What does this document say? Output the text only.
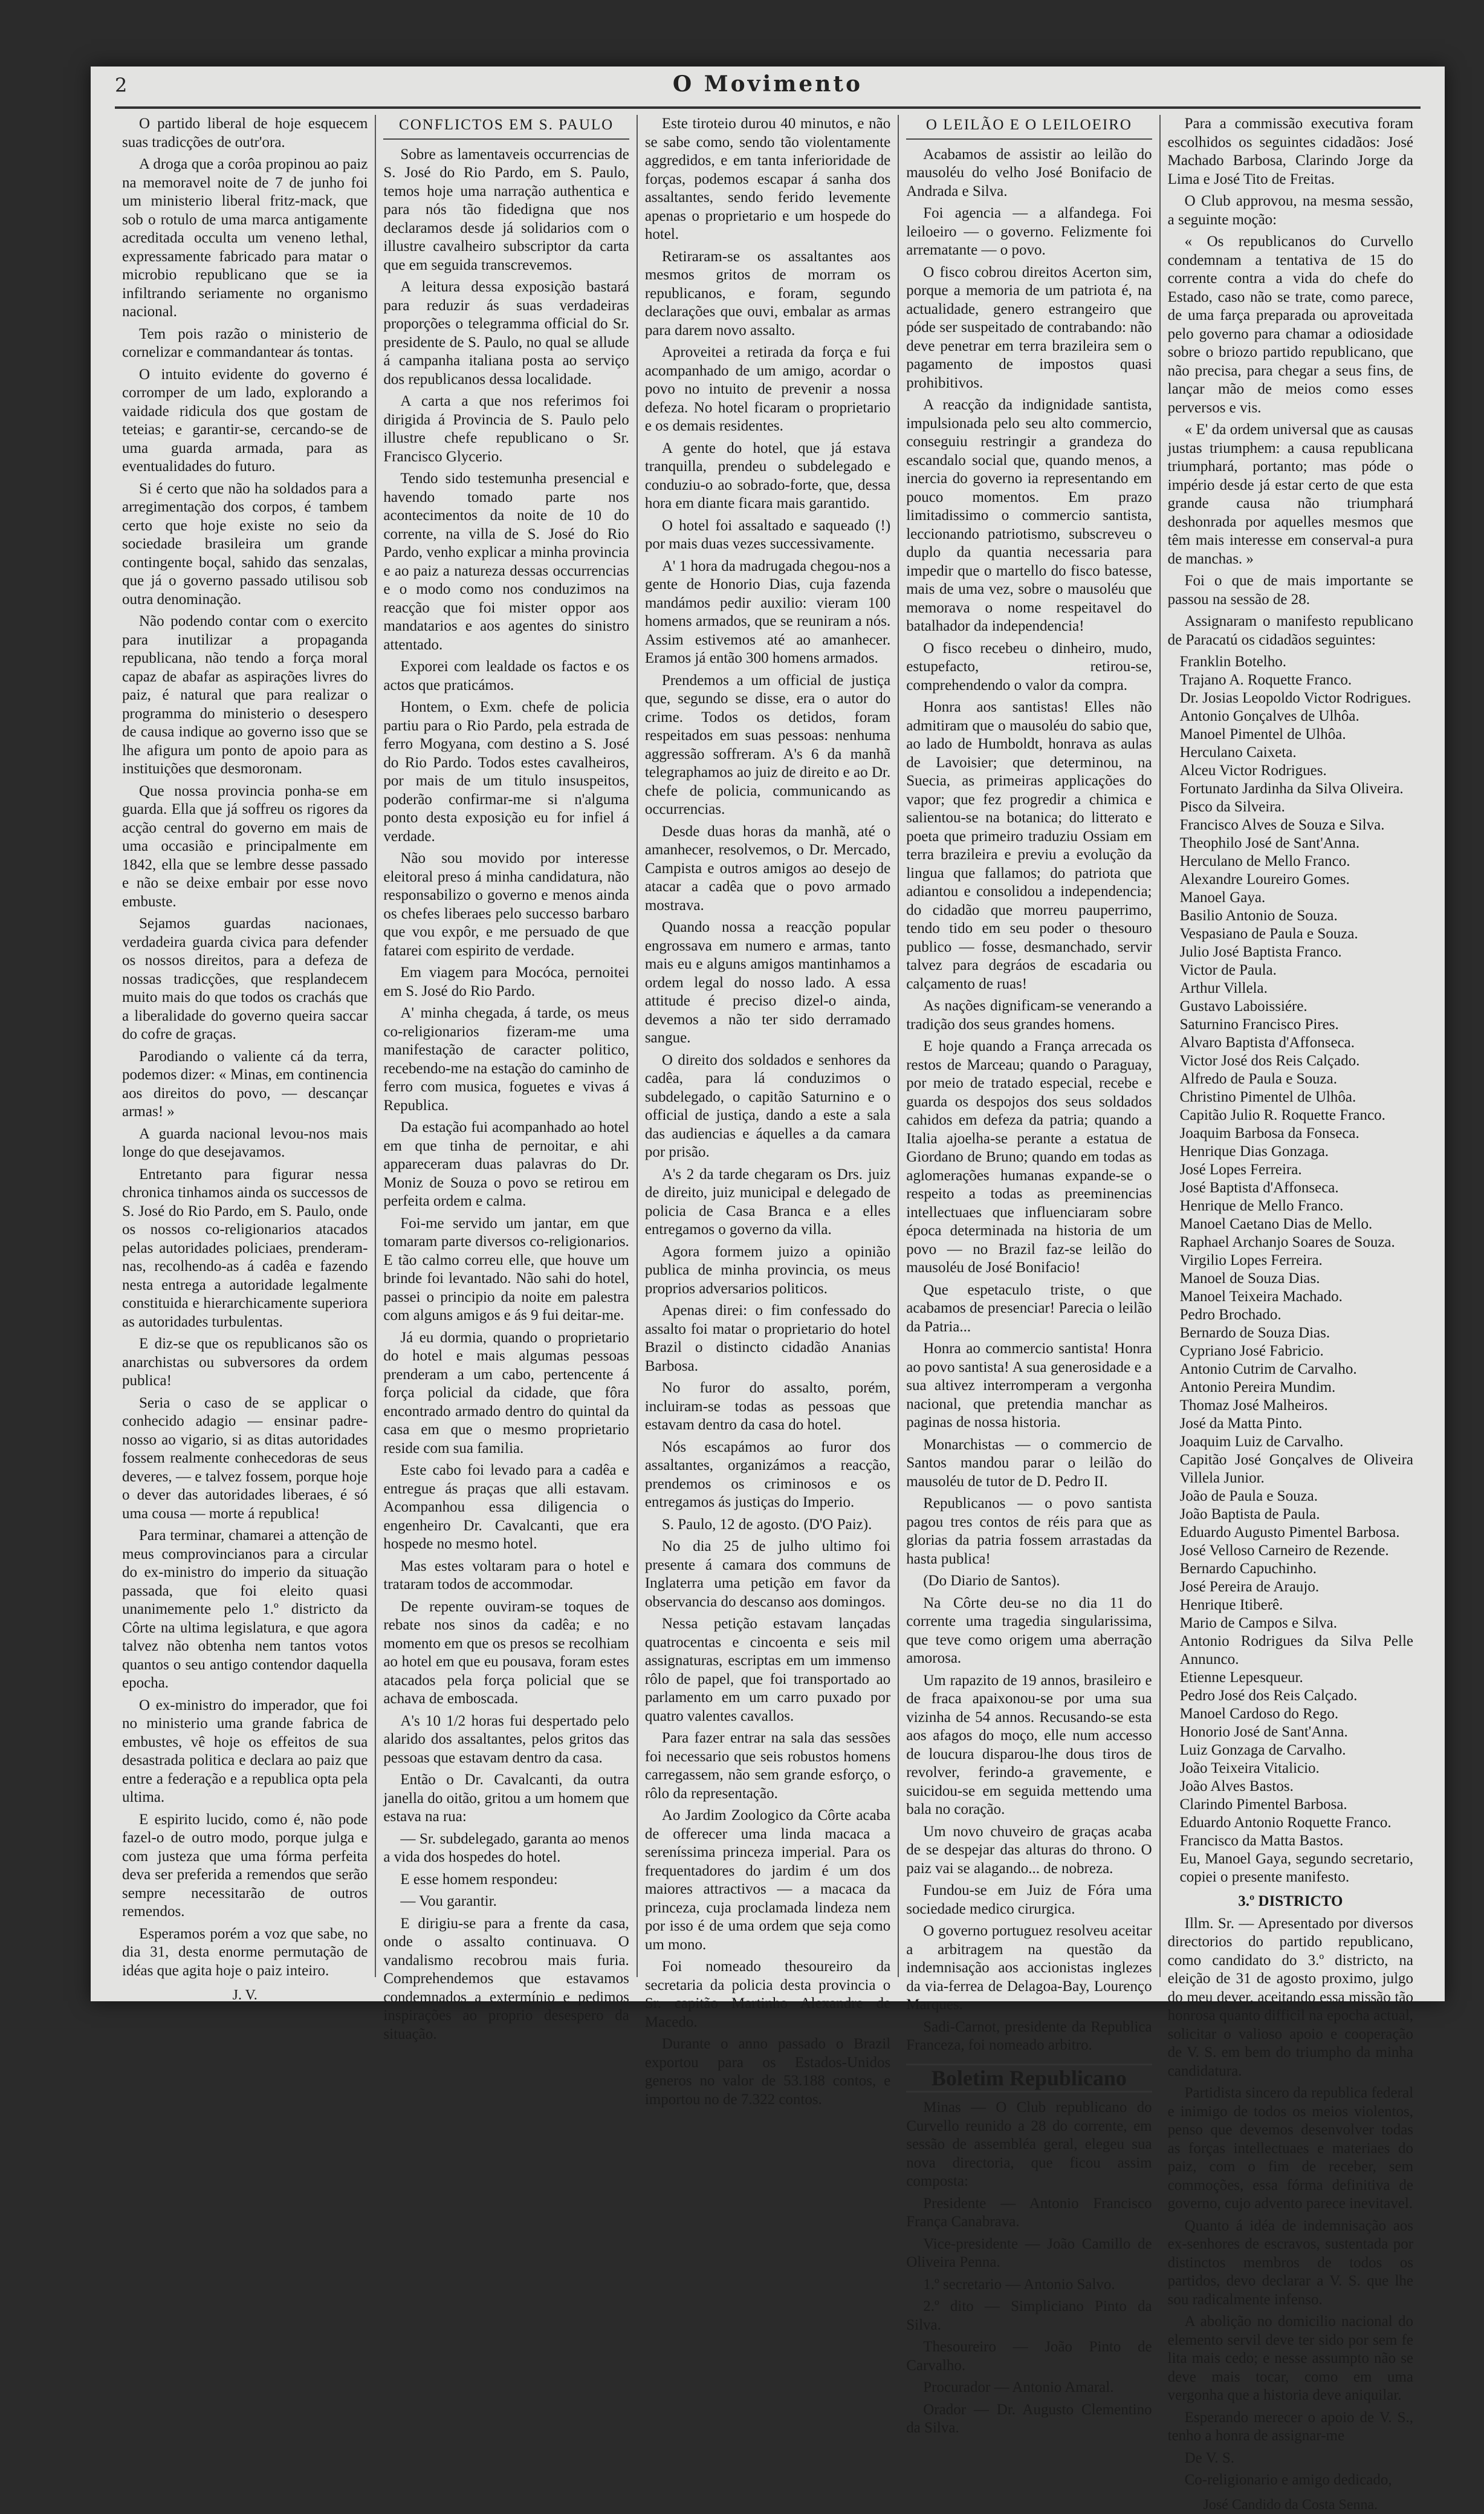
2	O Movimento

O partido liberal de hoje esquecem suas tradicções de outr'ora.

A droga que a corôa propinou ao paiz na memoravel noite de 7 de junho foi um ministerio liberal fritz-mack, que sob o rotulo de uma marca antigamente acreditada occulta um veneno lethal, expressamente fabricado para matar o microbio republicano que se ia infiltrando seriamente no organismo nacional.

Tem pois razão o ministerio de cornelizar e commandantear ás tontas.

O intuito evidente do governo é corromper de um lado, explorando a vaidade ridicula dos que gostam de teteias; e garantir-se, cercando-se de uma guarda armada, para as eventualidades do futuro.

Si é certo que não ha soldados para a arregimentação dos corpos, é tambem certo que hoje existe no seio da sociedade brasileira um grande contingente boçal, sahido das senzalas, que já o governo passado utilisou sob outra denominação.

Não podendo contar com o exercito para inutilizar a propaganda republicana, não tendo a força moral capaz de abafar as aspirações livres do paiz, é natural que para realizar o programma do ministerio o desespero de causa indique ao governo isso que se lhe afigura um ponto de apoio para as instituições que desmoronam.

Que nossa provincia ponha-se em guarda. Ella que já soffreu os rigores da acção central do governo em mais de uma occasião e principalmente em 1842, ella que se lembre desse passado e não se deixe embair por esse novo embuste.

Sejamos guardas nacionaes, verdadeira guarda civica para defender os nossos direitos, para a defeza de nossas tradicções, que resplandecem muito mais do que todos os crachás que a liberalidade do governo queira saccar do cofre de graças.

Parodiando o valiente cá da terra, podemos dizer: « Minas, em continencia aos direitos do povo, — descançar armas! »

A guarda nacional levou-nos mais longe do que desejavamos.

Entretanto para figurar nessa chronica tinhamos ainda os successos de S. José do Rio Pardo, em S. Paulo, onde os nossos co-religionarios atacados pelas autoridades policiaes, prenderam-nas, recolhendo-as á cadêa e fazendo nesta entrega a autoridade legalmente constituida e hierarchicamente superiora as autoridades turbulentas.

E diz-se que os republicanos são os anarchistas ou subversores da ordem publica!

Seria o caso de se applicar o conhecido adagio — ensinar padre-nosso ao vigario, si as ditas autoridades fossem realmente conhecedoras de seus deveres, — e talvez fossem, porque hoje o dever das autoridades liberaes, é só uma cousa — morte á republica!

Para terminar, chamarei a attenção de meus comprovincianos para a circular do ex-ministro do imperio da situação passada, que foi eleito quasi unanimemente pelo 1.º districto da Côrte na ultima legislatura, e que agora talvez não obtenha nem tantos votos quantos o seu antigo contendor daquella epocha.

O ex-ministro do imperador, que foi no ministerio uma grande fabrica de embustes, vê hoje os effeitos de sua desastrada politica e declara ao paiz que entre a federação e a republica opta pela ultima.

E espirito lucido, como é, não pode fazel-o de outro modo, porque julga e com justeza que uma fórma perfeita deva ser preferida a remendos que serão sempre necessitarão de outros remendos.

Esperamos porém a voz que sabe, no dia 31, desta enorme permutação de idéas que agita hoje o paiz inteiro.

J. V.
CONFLICTOS EM S. PAULO

Sobre as lamentaveis occurrencias de S. José do Rio Pardo, em S. Paulo, temos hoje uma narração authentica e para nós tão fidedigna que nos declaramos desde já solidarios com o illustre cavalheiro subscriptor da carta que em seguida transcrevemos.

A leitura dessa exposição bastará para reduzir ás suas verdadeiras proporções o telegramma official do Sr. presidente de S. Paulo, no qual se allude á campanha italiana posta ao serviço dos republicanos dessa localidade.

A carta a que nos referimos foi dirigida á Provincia de S. Paulo pelo illustre chefe republicano o Sr. Francisco Glycerio.

Tendo sido testemunha presencial e havendo tomado parte nos acontecimentos da noite de 10 do corrente, na villa de S. José do Rio Pardo, venho explicar a minha provincia e ao paiz a natureza dessas occurrencias e o modo como nos conduzimos na reacção que foi mister oppor aos mandatarios e aos agentes do sinistro attentado.

Exporei com lealdade os factos e os actos que praticámos.

Hontem, o Exm. chefe de policia partiu para o Rio Pardo, pela estrada de ferro Mogyana, com destino a S. José do Rio Pardo. Todos estes cavalheiros, por mais de um titulo insuspeitos, poderão confirmar-me si n'alguma ponto desta exposição eu for infiel á verdade.

Não sou movido por interesse eleitoral preso á minha candidatura, não responsabilizo o governo e menos ainda os chefes liberaes pelo successo barbaro que vou expôr, e me persuado de que fatarei com espirito de verdade.

Em viagem para Mocóca, pernoitei em S. José do Rio Pardo.

A' minha chegada, á tarde, os meus co-religionarios fizeram-me uma manifestação de caracter politico, recebendo-me na estação do caminho de ferro com musica, foguetes e vivas á Republica.

Da estação fui acompanhado ao hotel em que tinha de pernoitar, e ahi appareceram duas palavras do Dr. Moniz de Souza o povo se retirou em perfeita ordem e calma.

Foi-me servido um jantar, em que tomaram parte diversos co-religionarios. E tão calmo correu elle, que houve um brinde foi levantado. Não sahi do hotel, passei o principio da noite em palestra com alguns amigos e ás 9 fui deitar-me.

Já eu dormia, quando o proprietario do hotel e mais algumas pessoas prenderam a um cabo, pertencente á força policial da cidade, que fôra encontrado armado dentro do quintal da casa em que o mesmo proprietario reside com sua familia.

Este cabo foi levado para a cadêa e entregue ás praças que alli estavam. Acompanhou essa diligencia o engenheiro Dr. Cavalcanti, que era hospede no mesmo hotel.

Mas estes voltaram para o hotel e trataram todos de accommodar.

De repente ouviram-se toques de rebate nos sinos da cadêa; e no momento em que os presos se recolhiam ao hotel em que eu pousava, foram estes atacados pela força policial que se achava de emboscada.

A's 10 1/2 horas fui despertado pelo alarido dos assaltantes, pelos gritos das pessoas que estavam dentro da casa.

Então o Dr. Cavalcanti, da outra janella do oitão, gritou a um homem que estava na rua:

— Sr. subdelegado, garanta ao menos a vida dos hospedes do hotel.

E esse homem respondeu:

— Vou garantir.

E dirigiu-se para a frente da casa, onde o assalto continuava. O vandalismo recobrou mais furia. Comprehendemos que estavamos condemnados a extermínio e pedimos inspirações ao proprio desespero da situação.

Este tiroteio durou 40 minutos, e não se sabe como, sendo tão violentamente aggredidos, e em tanta inferioridade de forças, podemos escapar á sanha dos assaltantes, sendo ferido levemente apenas o proprietario e um hospede do hotel.

Retiraram-se os assaltantes aos mesmos gritos de morram os republicanos, e foram, segundo declarações que ouvi, embalar as armas para darem novo assalto.

Aproveitei a retirada da força e fui acompanhado de um amigo, acordar o povo no intuito de prevenir a nossa defeza. No hotel ficaram o proprietario e os demais residentes.

A gente do hotel, que já estava tranquilla, prendeu o subdelegado e conduziu-o ao sobrado-forte, que, dessa hora em diante ficara mais garantido.

O hotel foi assaltado e saqueado (!) por mais duas vezes successivamente.

A' 1 hora da madrugada chegou-nos a gente de Honorio Dias, cuja fazenda mandámos pedir auxilio: vieram 100 homens armados, que se reuniram a nós. Assim estivemos até ao amanhecer. Eramos já então 300 homens armados.

Prendemos a um official de justiça que, segundo se disse, era o autor do crime. Todos os detidos, foram respeitados em suas pessoas: nenhuma aggressão soffreram. A's 6 da manhã telegraphamos ao juiz de direito e ao Dr. chefe de policia, communicando as occurrencias.

Desde duas horas da manhã, até o amanhecer, resolvemos, o Dr. Mercado, Campista e outros amigos ao desejo de atacar a cadêa que o povo armado mostrava.

Quando nossa a reacção popular engrossava em numero e armas, tanto mais eu e alguns amigos mantinhamos a ordem legal do nosso lado. A essa attitude é preciso dizel-o ainda, devemos a não ter sido derramado sangue.

O direito dos soldados e senhores da cadêa, para lá conduzimos o subdelegado, o capitão Saturnino e o official de justiça, dando a este a sala das audiencias e áquelles a da camara por prisão.

A's 2 da tarde chegaram os Drs. juiz de direito, juiz municipal e delegado de policia de Casa Branca e a elles entregamos o governo da villa.

Agora formem juizo a opinião publica de minha provincia, os meus proprios adversarios politicos.

Apenas direi: o fim confessado do assalto foi matar o proprietario do hotel Brazil o distincto cidadão Ananias Barbosa.

No furor do assalto, porém, incluiram-se todas as pessoas que estavam dentro da casa do hotel.

Nós escapámos ao furor dos assaltantes, organizámos a reacção, prendemos os criminosos e os entregamos ás justiças do Imperio.

S. Paulo, 12 de agosto. (D'O Paiz).

No dia 25 de julho ultimo foi presente á camara dos communs de Inglaterra uma petição em favor da observancia do descanso aos domingos.

Nessa petição estavam lançadas quatrocentas e cincoenta e seis mil assignaturas, escriptas em um immenso rôlo de papel, que foi transportado ao parlamento em um carro puxado por quatro valentes cavallos.

Para fazer entrar na sala das sessões foi necessario que seis robustos homens carregassem, não sem grande esforço, o rôlo da representação.

Ao Jardim Zoologico da Côrte acaba de offerecer uma linda macaca a sereníssima princeza imperial. Para os frequentadores do jardim é um dos maiores attractivos — a macaca da princeza, cuja proclamada lindeza nem por isso é de uma ordem que seja como um mono.

Foi nomeado thesoureiro da secretaria da policia desta provincia o Sr. capitão Martinho Alexandre de Macedo.

Durante o anno passado o Brazil exportou para os Estados-Unidos generos no valor de 53.188 contos, e importou no de 7.322 contos.

O LEILÃO E O LEILOEIRO

Acabamos de assistir ao leilão do mausoléu do velho José Bonifacio de Andrada e Silva.

Foi agencia — a alfandega. Foi leiloeiro — o governo. Felizmente foi arrematante — o povo.

O fisco cobrou direitos Acerton sim, porque a memoria de um patriota é, na actualidade, genero estrangeiro que póde ser suspeitado de contrabando: não deve penetrar em terra brazileira sem o pagamento de impostos quasi prohibitivos.

A reacção da indignidade santista, impulsionada pelo seu alto commercio, conseguiu restringir a grandeza do escandalo social que, quando menos, a inercia do governo ia representando em pouco momentos. Em prazo limitadissimo o commercio santista, leccionando patriotismo, subscreveu o duplo da quantia necessaria para impedir que o martello do fisco batesse, mais de uma vez, sobre o mausoléu que memorava o nome respeitavel do batalhador da independencia!

O fisco recebeu o dinheiro, mudo, estupefacto, retirou-se, comprehendendo o valor da compra.

Honra aos santistas! Elles não admitiram que o mausoléu do sabio que, ao lado de Humboldt, honrava as aulas de Lavoisier; que determinou, na Suecia, as primeiras applicações do vapor; que fez progredir a chimica e salientou-se na botanica; do litterato e poeta que primeiro traduziu Ossiam em terra brazileira e previu a evolução da lingua que fallamos; do patriota que adiantou e consolidou a independencia; do cidadão que morreu pauperrimo, tendo tido em seu poder o thesouro publico — fosse, desmanchado, servir talvez para degráos de escadaria ou calçamento de ruas!

As nações dignificam-se venerando a tradição dos seus grandes homens.

E hoje quando a França arrecada os restos de Marceau; quando o Paraguay, por meio de tratado especial, recebe e guarda os despojos dos seus soldados cahidos em defeza da patria; quando a Italia ajoelha-se perante a estatua de Giordano de Bruno; quando em todas as aglomerações humanas expande-se o respeito a todas as preeminencias intellectuaes que influenciaram sobre época determinada na historia de um povo — no Brazil faz-se leilão do mausoléu de José Bonifacio!

Que espetaculo triste, o que acabamos de presenciar! Parecia o leilão da Patria...

Honra ao commercio santista! Honra ao povo santista! A sua generosidade e a sua altivez interromperam a vergonha nacional, que pretendia manchar as paginas de nossa historia.

Monarchistas — o commercio de Santos mandou parar o leilão do mausoléu de tutor de D. Pedro II.

Republicanos — o povo santista pagou tres contos de réis para que as glorias da patria fossem arrastadas da hasta publica!

(Do Diario de Santos).

Na Côrte deu-se no dia 11 do corrente uma tragedia singularissima, que teve como origem uma aberração amorosa.

Um rapazito de 19 annos, brasileiro e de fraca apaixonou-se por uma sua vizinha de 54 annos. Recusando-se esta aos afagos do moço, elle num accesso de loucura disparou-lhe dous tiros de revolver, ferindo-a gravemente, e suicidou-se em seguida mettendo uma bala no coração.

Um novo chuveiro de graças acaba de se despejar das alturas do throno. O paiz vai se alagando... de nobreza.

Fundou-se em Juiz de Fóra uma sociedade medico cirurgica.

O governo portuguez resolveu aceitar a arbitragem na questão da indemnisação aos accionistas inglezes da via-ferrea de Delagoa-Bay, Lourenço Marques.

Sadi-Carnot, presidente da Republica Franceza, foi nomeado arbitro.

Boletim Republicano

Minas — O Club republicano do Curvello reunido a 28 do corrente, em sessão de assembléa geral, elegeu sua nova directoria, que ficou assim composta:

Presidente — Antonio Francisco França Canabrava.

Vice-presidente — João Camillo de Oliveira Penna.

1.º secretario — Antonio Salvo.

2.º dito — Simpliciano Pinto da Silva.

Thesoureiro — João Pinto de Carvalho.

Procurador — Antonio Amaral.

Orador — Dr. Augusto Clementino da Silva.

Para a commissão executiva foram escolhidos os seguintes cidadãos: José Machado Barbosa, Clarindo Jorge da Lima e José Tito de Freitas.

O Club approvou, na mesma sessão, a seguinte moção:

« Os republicanos do Curvello condemnam a tentativa de 15 do corrente contra a vida do chefe do Estado, caso não se trate, como parece, de uma farça preparada ou aproveitada pelo governo para chamar a odiosidade sobre o briozo partido republicano, que não precisa, para chegar a seus fins, de lançar mão de meios como esses perversos e vis.

« E' da ordem universal que as causas justas triumphem: a causa republicana triumphará, portanto; mas póde o império desde já estar certo de que esta grande causa não triumphará deshonrada por aquelles mesmos que têm mais interesse em conserval-a pura de manchas. »

Foi o que de mais importante se passou na sessão de 28.

Assignaram o manifesto republicano de Paracatú os cidadãos seguintes:

Franklin Botelho.
Trajano A. Roquette Franco.
Dr. Josias Leopoldo Victor Rodrigues.
Antonio Gonçalves de Ulhôa.
Manoel Pimentel de Ulhôa.
Herculano Caixeta.
Alceu Victor Rodrigues.
Fortunato Jardinha da Silva Oliveira.
Pisco da Silveira.
Francisco Alves de Souza e Silva.
Theophilo José de Sant'Anna.
Herculano de Mello Franco.
Alexandre Loureiro Gomes.
Manoel Gaya.
Basilio Antonio de Souza.
Vespasiano de Paula e Souza.
Julio José Baptista Franco.
Victor de Paula.
Arthur Villela.
Gustavo Laboissiére.
Saturnino Francisco Pires.
Alvaro Baptista d'Affonseca.
Victor José dos Reis Calçado.
Alfredo de Paula e Souza.
Christino Pimentel de Ulhôa.
Capitão Julio R. Roquette Franco.
Joaquim Barbosa da Fonseca.
Henrique Dias Gonzaga.
José Lopes Ferreira.
José Baptista d'Affonseca.
Henrique de Mello Franco.
Manoel Caetano Dias de Mello.
Raphael Archanjo Soares de Souza.
Virgilio Lopes Ferreira.
Manoel de Souza Dias.
Manoel Teixeira Machado.
Pedro Brochado.
Bernardo de Souza Dias.
Cypriano José Fabricio.
Antonio Cutrim de Carvalho.
Antonio Pereira Mundim.
Thomaz José Malheiros.
José da Matta Pinto.
Joaquim Luiz de Carvalho.
Capitão José Gonçalves de Oliveira Villela Junior.
João de Paula e Souza.
João Baptista de Paula.
Eduardo Augusto Pimentel Barbosa.
José Velloso Carneiro de Rezende.
Bernardo Capuchinho.
José Pereira de Araujo.
Henrique Itiberê.
Mario de Campos e Silva.
Antonio Rodrigues da Silva Pelle Annunco.
Etienne Lepesqueur.
Pedro José dos Reis Calçado.
Manoel Cardoso do Rego.
Honorio José de Sant'Anna.
Luiz Gonzaga de Carvalho.
João Teixeira Vitalicio.
João Alves Bastos.
Clarindo Pimentel Barbosa.
Eduardo Antonio Roquette Franco.
Francisco da Matta Bastos.
Eu, Manoel Gaya, segundo secretario, copiei o presente manifesto.
3.º DISTRICTO

Illm. Sr. — Apresentado por diversos directorios do partido republicano, como candidato do 3.º districto, na eleição de 31 de agosto proximo, julgo do meu dever, aceitando essa missão tão honrosa quanto difficil na epocha actual, solicitar o valioso apoio e cooperação de V. S. em bem do triumpho da minha candidatura.

Partidista sincero da republica federal e inimigo de todos os meios violentos, penso que devemos desenvolver todas as forças intellectuaes e materiaes do paiz, com o fim de receber, sem commoções, essa fórma definitiva de governo, cujo advento parece inevitavel.

Quanto á idéa de indemnisação aos ex-senhores de escravos, sustentada por distinctos membros de todos os partidos, devo declarar a V. S. que lhe sou radicalmente infenso.

A abolição no domicilio nacional do elemento servil deve ter sido por sem fe lita mais cedo; e nesse assumpto não se deve mais tocar, como em uma vergonha que a historia deve aniquilar.

Esperando merecer o apoio de V. S., tenho a honra de assignar-me

De V. S.

Co-religionario e amigo dedicado,

José Candido da Costa Senna.
